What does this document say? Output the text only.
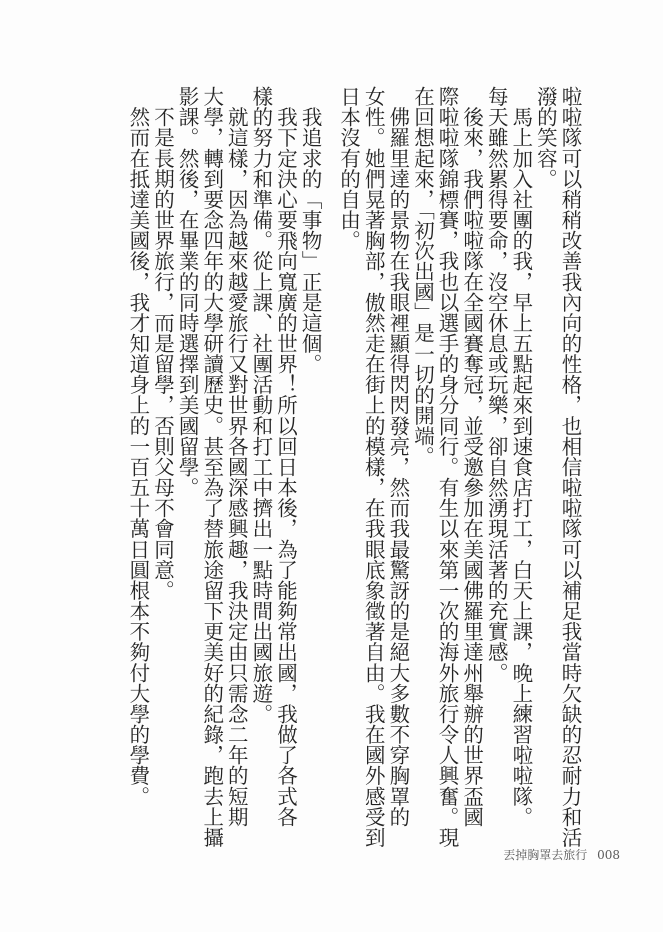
啦啦隊可以稍稍改善我內向的性格，也相信啦啦隊可以補足我當時欠缺的忍耐力和活
潑的笑容。
　馬上加入社團的我，早上五點起來到速食店打工，白天上課，晚上練習啦啦隊。
每天雖然累得要命，沒空休息或玩樂，卻自然湧現活著的充實感。
　後來，我們啦啦隊在全國賽奪冠，並受邀參加在美國佛羅里達州舉辦的世界盃國
際啦啦隊錦標賽，我也以選手的身分同行。有生以來第一次的海外旅行令人興奮。現
在回想起來，「初次出國」是一切的開端。
　佛羅里達的景物在我眼裡顯得閃閃發亮，然而我最驚訝的是絕大多數不穿胸罩的
女性。她們晃著胸部，傲然走在街上的模樣，在我眼底象徵著自由。我在國外感受到
日本沒有的自由。
　我追求的「事物」正是這個。
　我下定決心要飛向寬廣的世界！所以回日本後，為了能夠常出國，我做了各式各
樣的努力和準備。從上課、社團活動和打工中擠出一點時間出國旅遊。
　就這樣，因為越來越愛旅行又對世界各國深感興趣，我決定由只需念二年的短期
大學，轉到要念四年的大學研讀歷史。甚至為了替旅途留下更美好的紀錄，跑去上攝
影課。然後，在畢業的同時選擇到美國留學。
　不是長期的世界旅行，而是留學，否則父母不會同意。
　然而在抵達美國後，我才知道身上的一百五十萬日圓根本不夠付大學的學費。
丟掉胸罩去旅行 008
